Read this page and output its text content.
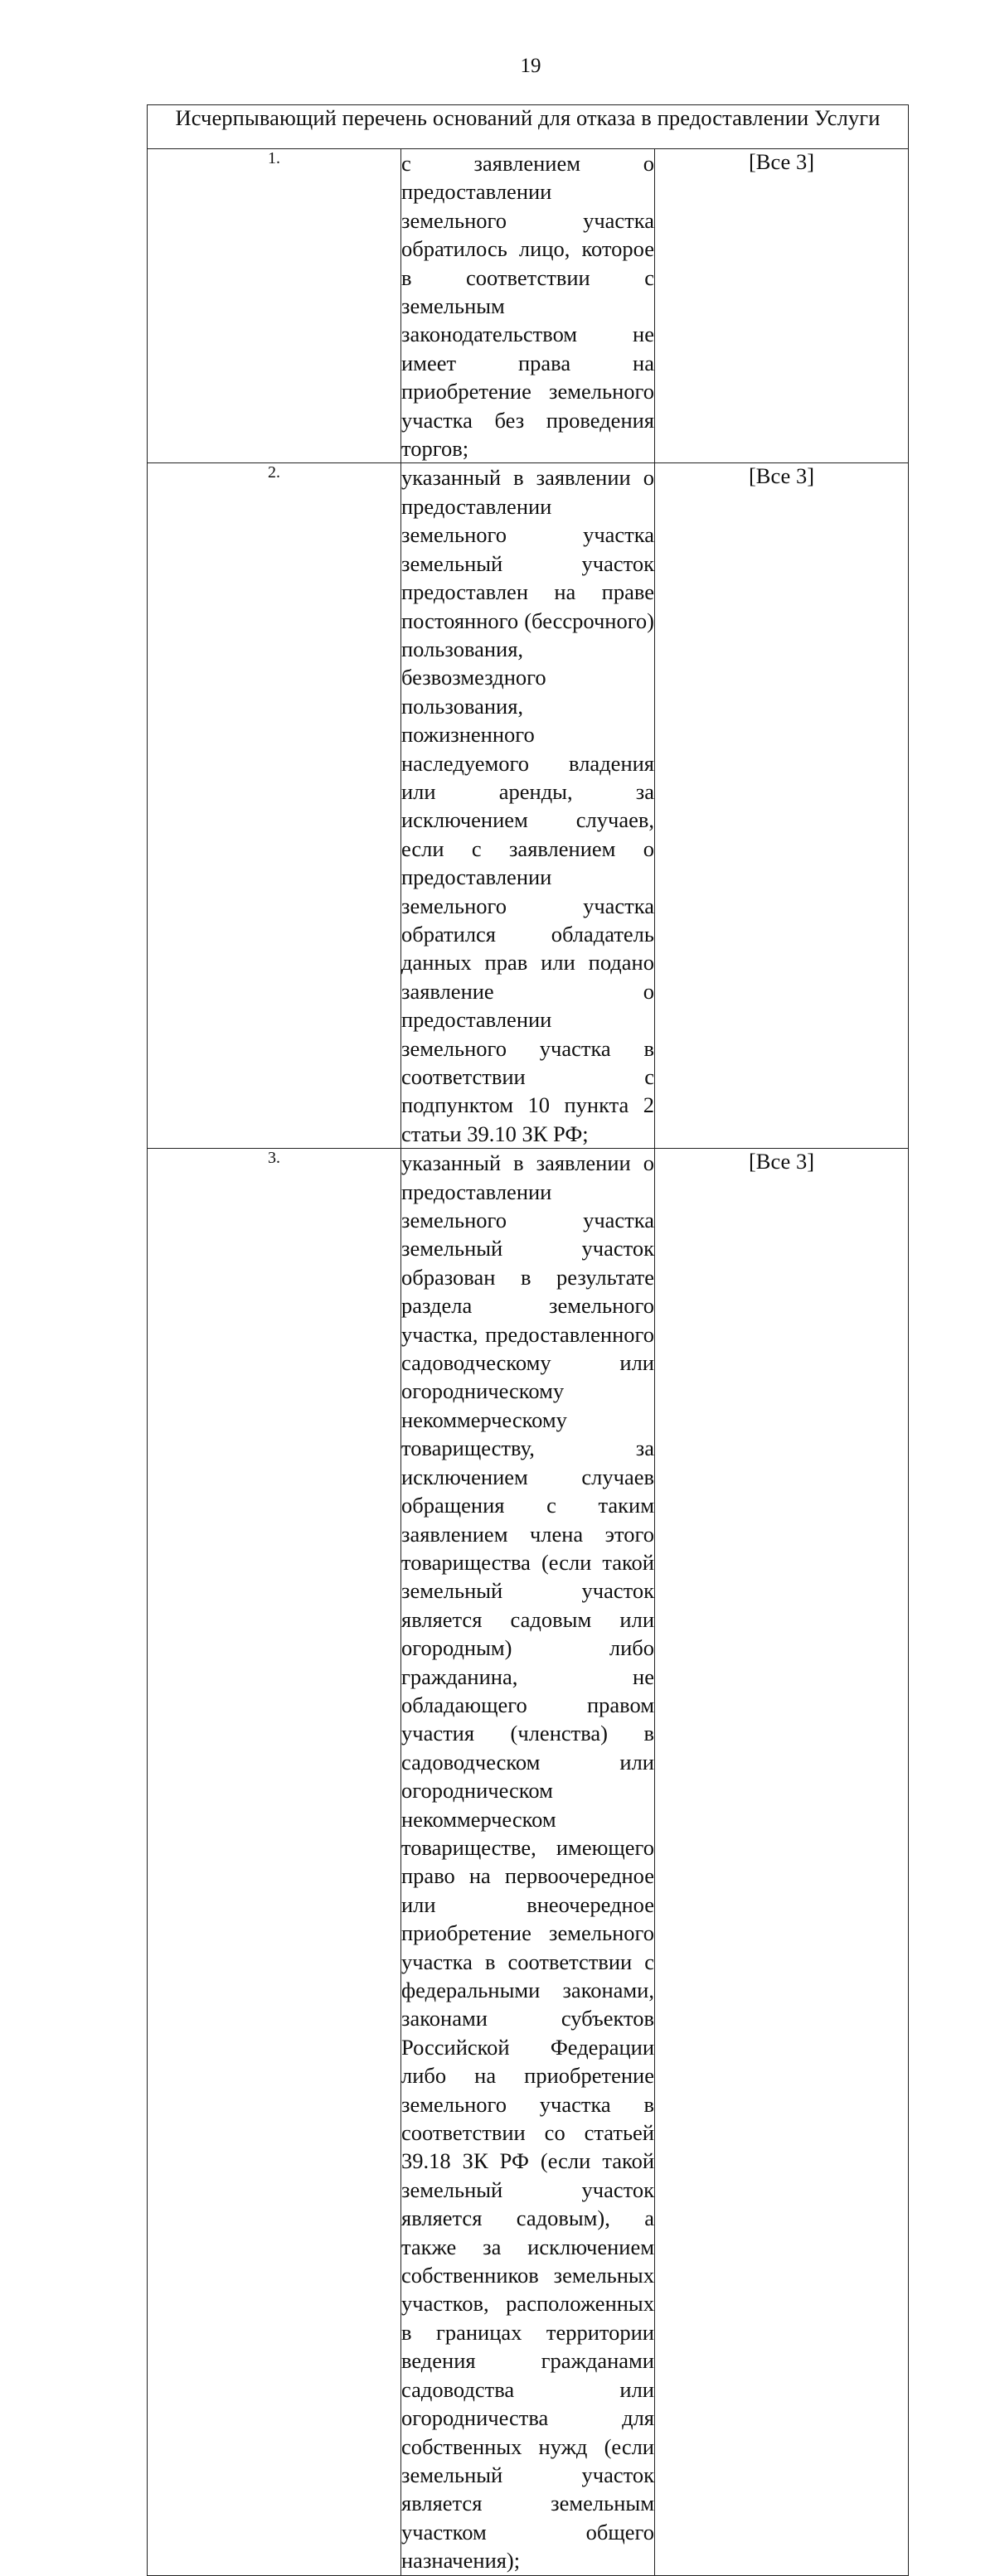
19
Исчерпывающий перечень оснований для отказа в предоставлении Услуги		
1.	с заявлением о предоставлении земельного участка обратилось лицо, которое в соответствии с земельным законодательством не имеет права на приобретение земельного участка без проведения торгов;	[Все 3]
2.	указанный в заявлении о предоставлении земельного участка земельный участок предоставлен на праве постоянного (бессрочного) пользования, безвозмездного пользования, пожизненного наследуемого владения или аренды, за исключением случаев, если с заявлением о предоставлении земельного участка обратился обладатель данных прав или подано заявление о предоставлении земельного участка в соответствии с подпунктом 10 пункта 2 статьи 39.10 ЗК РФ;	[Все 3]
3.	указанный в заявлении о предоставлении земельного участка земельный участок образован в результате раздела земельного участка, предоставленного садоводческому или огородническому некоммерческому товариществу, за исключением случаев обращения с таким заявлением члена этого товарищества (если такой земельный участок является садовым или огородным) либо гражданина, не обладающего правом участия (членства) в садоводческом или огородническом некоммерческом товариществе, имеющего право на первоочередное или внеочередное приобретение земельного участка в соответствии с федеральными законами, законами субъектов Российской Федерации либо на приобретение земельного участка в соответствии со статьей 39.18 ЗК РФ (если такой земельный участок является садовым), а также за исключением собственников земельных участков, расположенных в границах территории ведения гражданами садоводства или огородничества для собственных нужд (если земельный участок является земельным участком общего назначения);	[Все 3]
